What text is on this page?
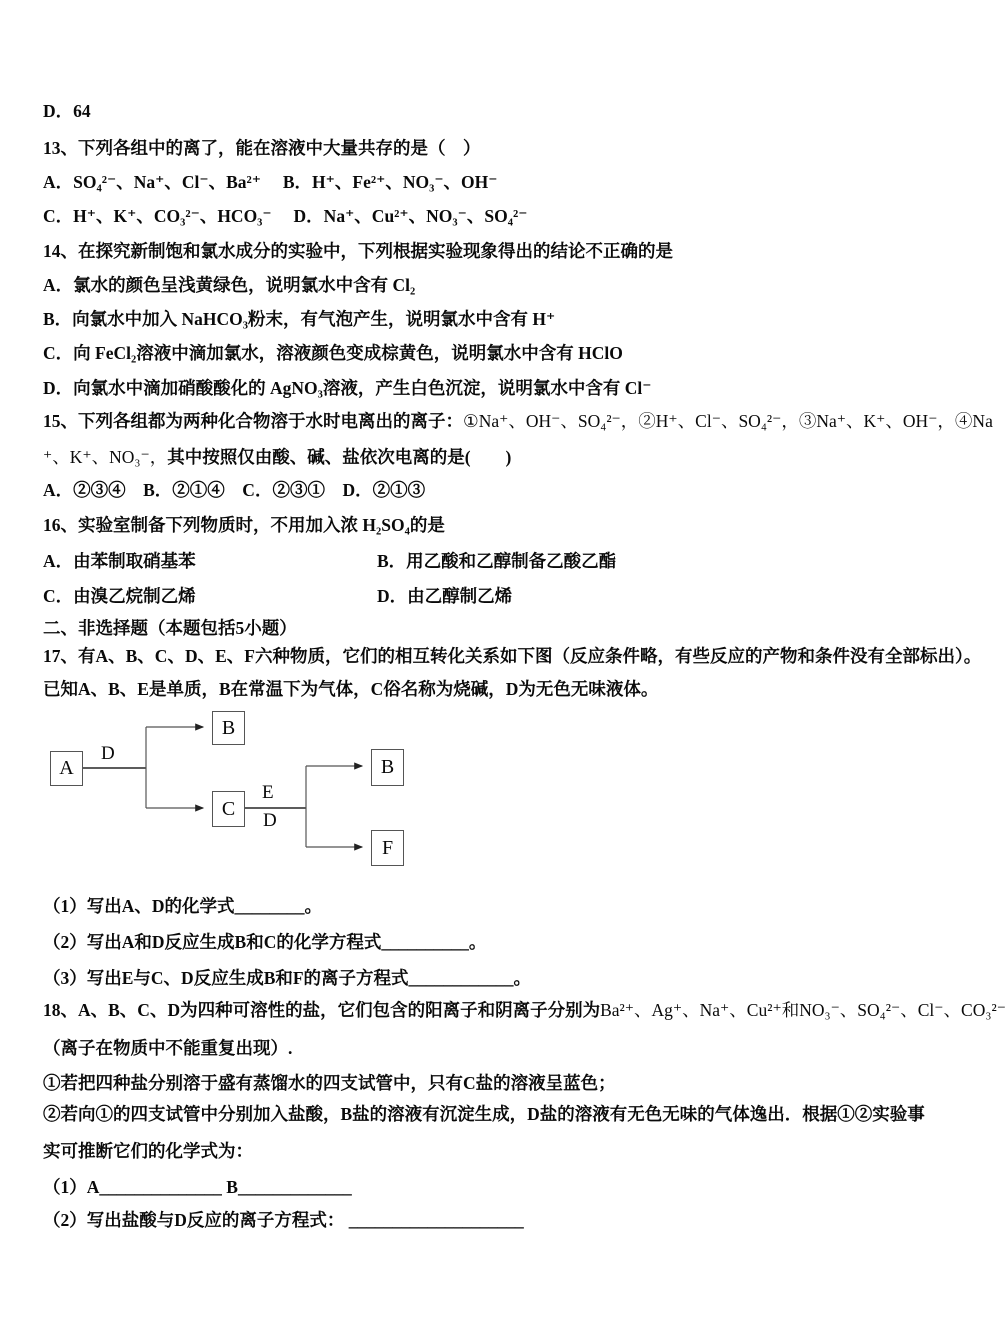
D．64

13、下列各组中的离了，能在溶液中大量共存的是（　）

A．SO₄²⁻、Na⁺、Cl⁻、Ba²⁺ 　B．H⁺、Fe²⁺、NO₃⁻、OH⁻

C．H⁺、K⁺、CO₃²⁻、HCO₃⁻ 　D．Na⁺、Cu²⁺、NO₃⁻、SO₄²⁻

14、在探究新制饱和氯水成分的实验中，下列根据实验现象得出的结论不正确的是

A．氯水的颜色呈浅黄绿色，说明氯水中含有 Cl₂

B．向氯水中加入 NaHCO₃粉末，有气泡产生，说明氯水中含有 H⁺

C．向 FeCl₂溶液中滴加氯水，溶液颜色变成棕黄色，说明氯水中含有 HClO

D．向氯水中滴加硝酸酸化的 AgNO₃溶液，产生白色沉淀，说明氯水中含有 Cl⁻

15、下列各组都为两种化合物溶于水时电离出的离子：①Na⁺、OH⁻、SO₄²⁻，②H⁺、Cl⁻、SO₄²⁻，③Na⁺、K⁺、OH⁻，④Na

⁺、K⁺、NO₃⁻，其中按照仅由酸、碱、盐依次电离的是(　　)

A．②③④　B．②①④　C．②③①　D．②①③

16、实验室制备下列物质时，不用加入浓 H₂SO₄的是

A．由苯制取硝基苯	B．用乙酸和乙醇制备乙酸乙酯

C．由溴乙烷制乙烯	D．由乙醇制乙烯

二、非选择题（本题包括5小题）

17、有A、B、C、D、E、F六种物质，它们的相互转化关系如下图（反应条件略，有些反应的产物和条件没有全部标出）。

已知A、B、E是单质，B在常温下为气体，C俗名称为烧碱，D为无色无味液体。

A
B
C
B
F
D
E
D

（1）写出A、D的化学式________。

（2）写出A和D反应生成B和C的化学方程式__________。

（3）写出E与C、D反应生成B和F的离子方程式____________。

18、A、B、C、D为四种可溶性的盐，它们包含的阳离子和阴离子分别为Ba²⁺、Ag⁺、Na⁺、Cu²⁺和NO₃⁻、SO₄²⁻、Cl⁻、CO₃²⁻

（离子在物质中不能重复出现）.

①若把四种盐分别溶于盛有蒸馏水的四支试管中，只有C盐的溶液呈蓝色；

②若向①的四支试管中分别加入盐酸，B盐的溶液有沉淀生成，D盐的溶液有无色无味的气体逸出．根据①②实验事

实可推断它们的化学式为：

（1）A______________ B_____________

（2）写出盐酸与D反应的离子方程式： ____________________
